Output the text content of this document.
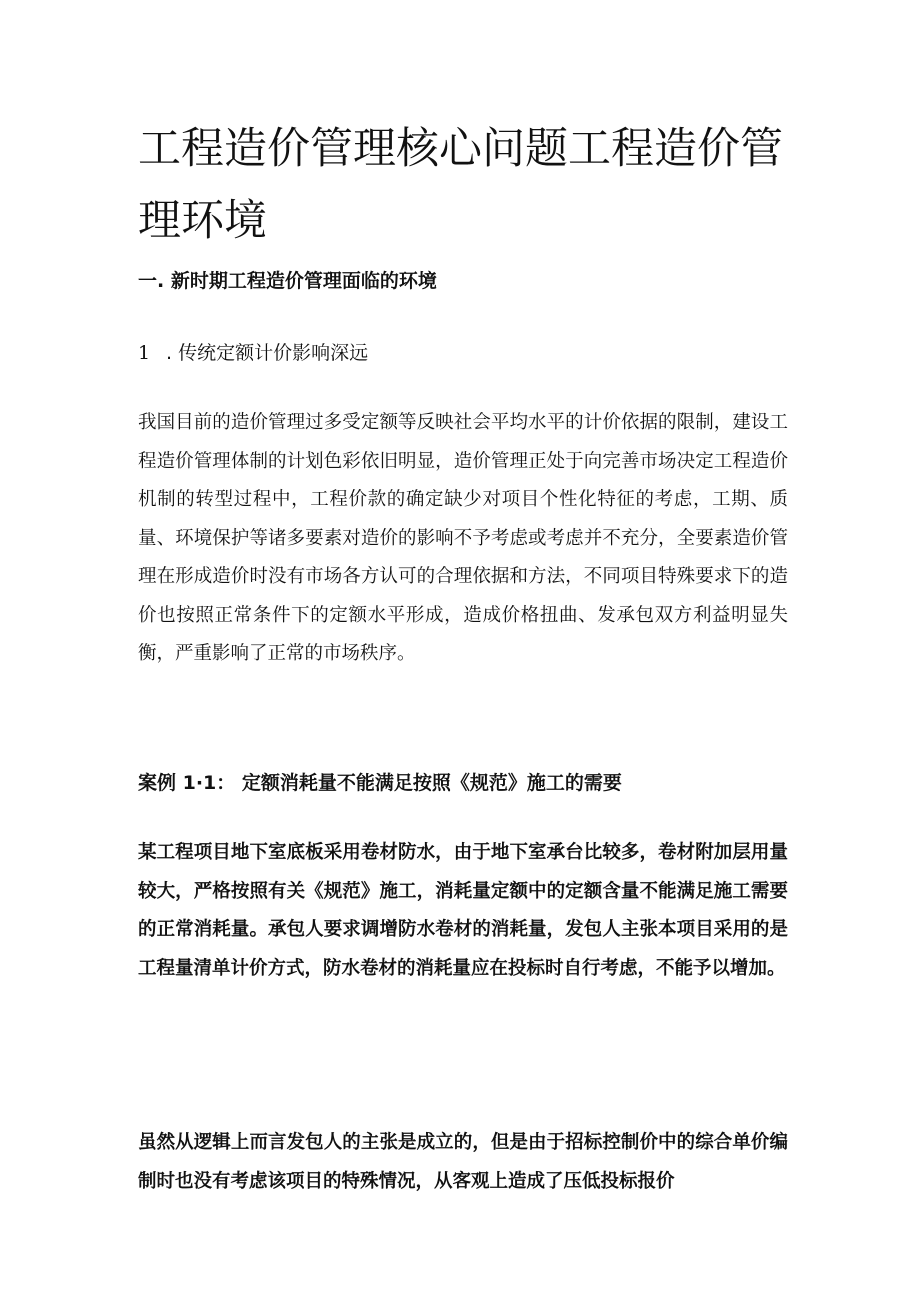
工程造价管理核心问题工程造价管理环境
一. 新时期工程造价管理面临的环境
1 . 传统定额计价影响深远

我国目前的造价管理过多受定额等反映社会平均水平的计价依据的限制，建设工程造价管理体制的计划色彩依旧明显，造价管理正处于向完善市场决定工程造价机制的转型过程中，工程价款的确定缺少对项目个性化特征的考虑，工期、质量、环境保护等诸多要素对造价的影响不予考虑或考虑并不充分，全要素造价管理在形成造价时没有市场各方认可的合理依据和方法，不同项目特殊要求下的造价也按照正常条件下的定额水平形成，造成价格扭曲、发承包双方利益明显失衡，严重影响了正常的市场秩序。

案例 1·1： 定额消耗量不能满足按照《规范》施工的需要

某工程项目地下室底板采用卷材防水，由于地下室承台比较多，卷材附加层用量较大，严格按照有关《规范》施工，消耗量定额中的定额含量不能满足施工需要的正常消耗量。承包人要求调增防水卷材的消耗量，发包人主张本项目采用的是工程量清单计价方式，防水卷材的消耗量应在投标时自行考虑，不能予以增加。

虽然从逻辑上而言发包人的主张是成立的，但是由于招标控制价中的综合单价编制时也没有考虑该项目的特殊情况，从客观上造成了压低投标报价
